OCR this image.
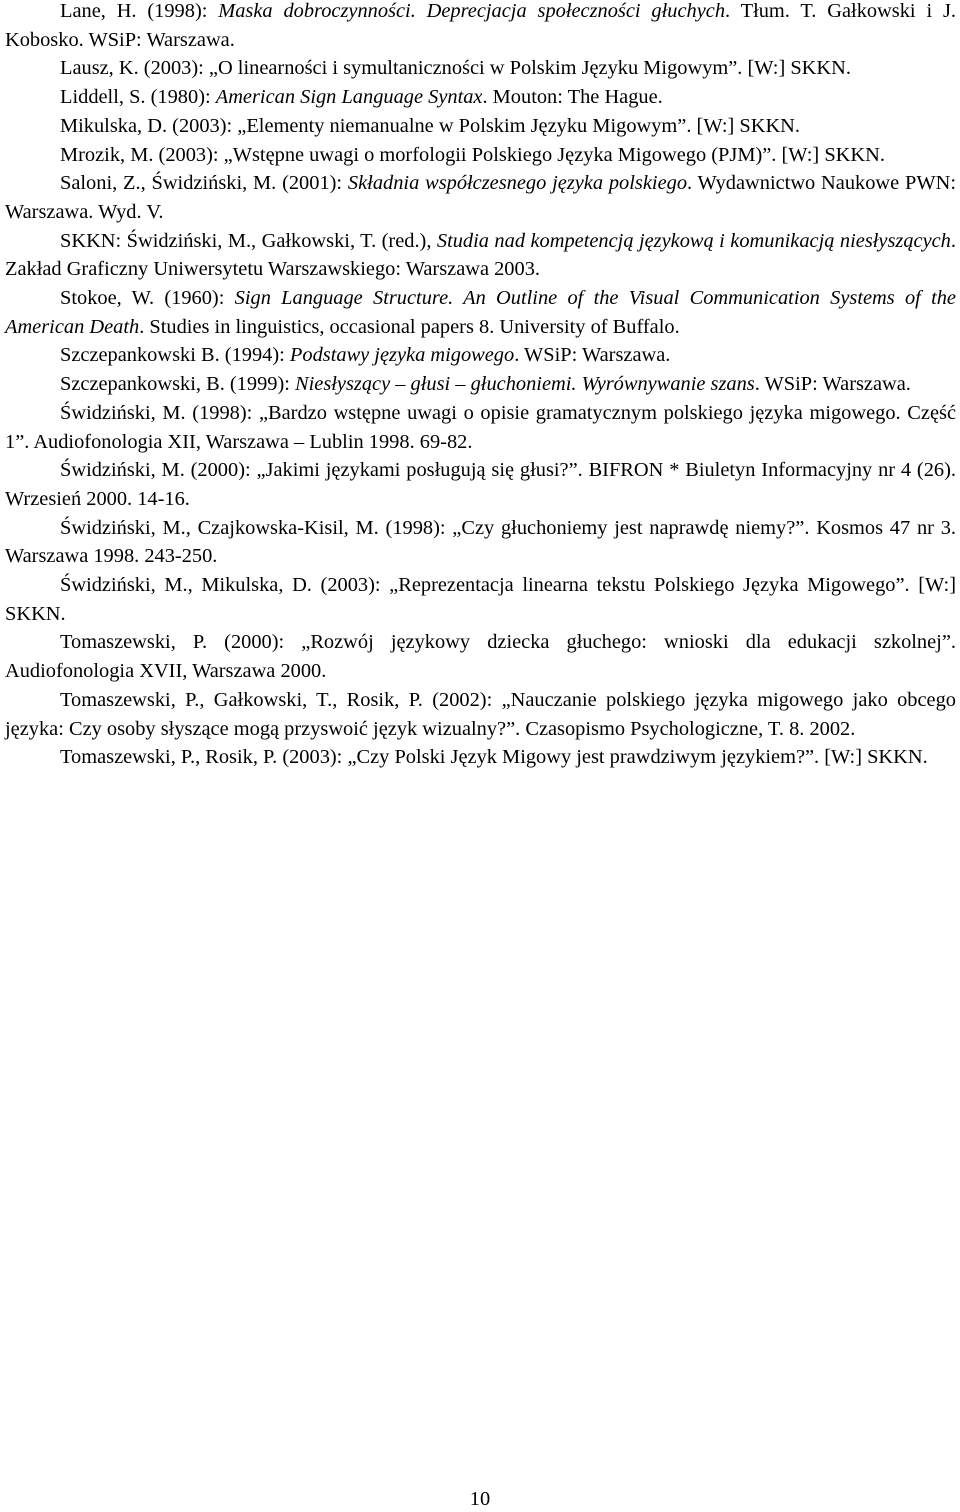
Lane, H. (1998): Maska dobroczynności. Deprecjacja społeczności głuchych. Tłum. T. Gałkowski i J. Kobosko. WSiP: Warszawa.

Lausz, K. (2003): „O linearności i symultaniczności w Polskim Języku Migowym”. [W:] SKKN.

Liddell, S. (1980): American Sign Language Syntax. Mouton: The Hague.

Mikulska, D. (2003): „Elementy niemanualne w Polskim Języku Migowym”. [W:] SKKN.

Mrozik, M. (2003): „Wstępne uwagi o morfologii Polskiego Języka Migowego (PJM)”. [W:] SKKN.

Saloni, Z., Świdziński, M. (2001): Składnia współczesnego języka polskiego. Wydawnictwo Naukowe PWN: Warszawa. Wyd. V.

SKKN: Świdziński, M., Gałkowski, T. (red.), Studia nad kompetencją językową i komunikacją niesłyszących. Zakład Graficzny Uniwersytetu Warszawskiego: Warszawa 2003.

Stokoe, W. (1960): Sign Language Structure. An Outline of the Visual Communication Systems of the American Death. Studies in linguistics, occasional papers 8. University of Buffalo.

Szczepankowski B. (1994): Podstawy języka migowego. WSiP: Warszawa.

Szczepankowski, B. (1999): Niesłyszący – głusi – głuchoniemi. Wyrównywanie szans. WSiP: Warszawa.

Świdziński, M. (1998): „Bardzo wstępne uwagi o opisie gramatycznym polskiego języka migowego. Część 1”. Audiofonologia XII, Warszawa – Lublin 1998. 69-82.

Świdziński, M. (2000): „Jakimi językami posługują się głusi?”. BIFRON * Biuletyn Informacyjny nr 4 (26). Wrzesień 2000. 14-16.

Świdziński, M., Czajkowska-Kisil, M. (1998): „Czy głuchoniemy jest naprawdę niemy?”. Kosmos 47 nr 3. Warszawa 1998. 243-250.

Świdziński, M., Mikulska, D. (2003): „Reprezentacja linearna tekstu Polskiego Języka Migowego”. [W:] SKKN.

Tomaszewski, P. (2000): „Rozwój językowy dziecka głuchego: wnioski dla edukacji szkolnej”. Audiofonologia XVII, Warszawa 2000.

Tomaszewski, P., Gałkowski, T., Rosik, P. (2002): „Nauczanie polskiego języka migowego jako obcego języka: Czy osoby słyszące mogą przyswoić język wizualny?”. Czasopismo Psychologiczne, T. 8. 2002.

Tomaszewski, P., Rosik, P. (2003): „Czy Polski Język Migowy jest prawdziwym językiem?”. [W:] SKKN.

10
